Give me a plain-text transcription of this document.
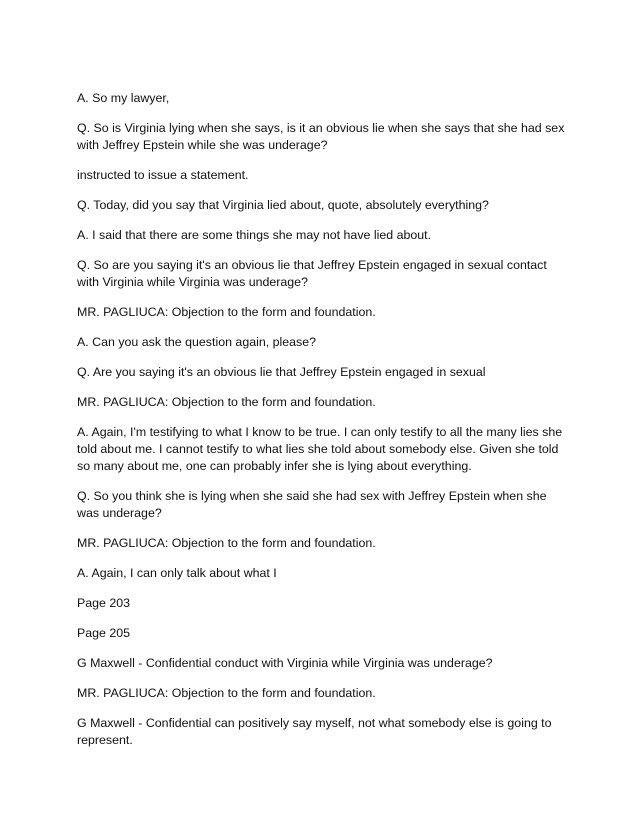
A. So my lawyer,

Q. So is Virginia lying when she says, is it an obvious lie when she says that she had sex with Jeffrey Epstein while she was underage?

instructed to issue a statement.

Q. Today, did you say that Virginia lied about, quote, absolutely everything?

A. I said that there are some things she may not have lied about.

Q. So are you saying it's an obvious lie that Jeffrey Epstein engaged in sexual contact with Virginia while Virginia was underage?

MR. PAGLIUCA: Objection to the form and foundation.

A. Can you ask the question again, please?

Q. Are you saying it's an obvious lie that Jeffrey Epstein engaged in sexual

MR. PAGLIUCA: Objection to the form and foundation.

A. Again, I'm testifying to what I know to be true. I can only testify to all the many lies she told about me. I cannot testify to what lies she told about somebody else. Given she told so many about me, one can probably infer she is lying about everything.

Q. So you think she is lying when she said she had sex with Jeffrey Epstein when she was underage?

MR. PAGLIUCA: Objection to the form and foundation.

A. Again, I can only talk about what I

Page 203

Page 205

G Maxwell - Confidential conduct with Virginia while Virginia was underage?

MR. PAGLIUCA: Objection to the form and foundation.

G Maxwell - Confidential can positively say myself, not what somebody else is going to represent.
